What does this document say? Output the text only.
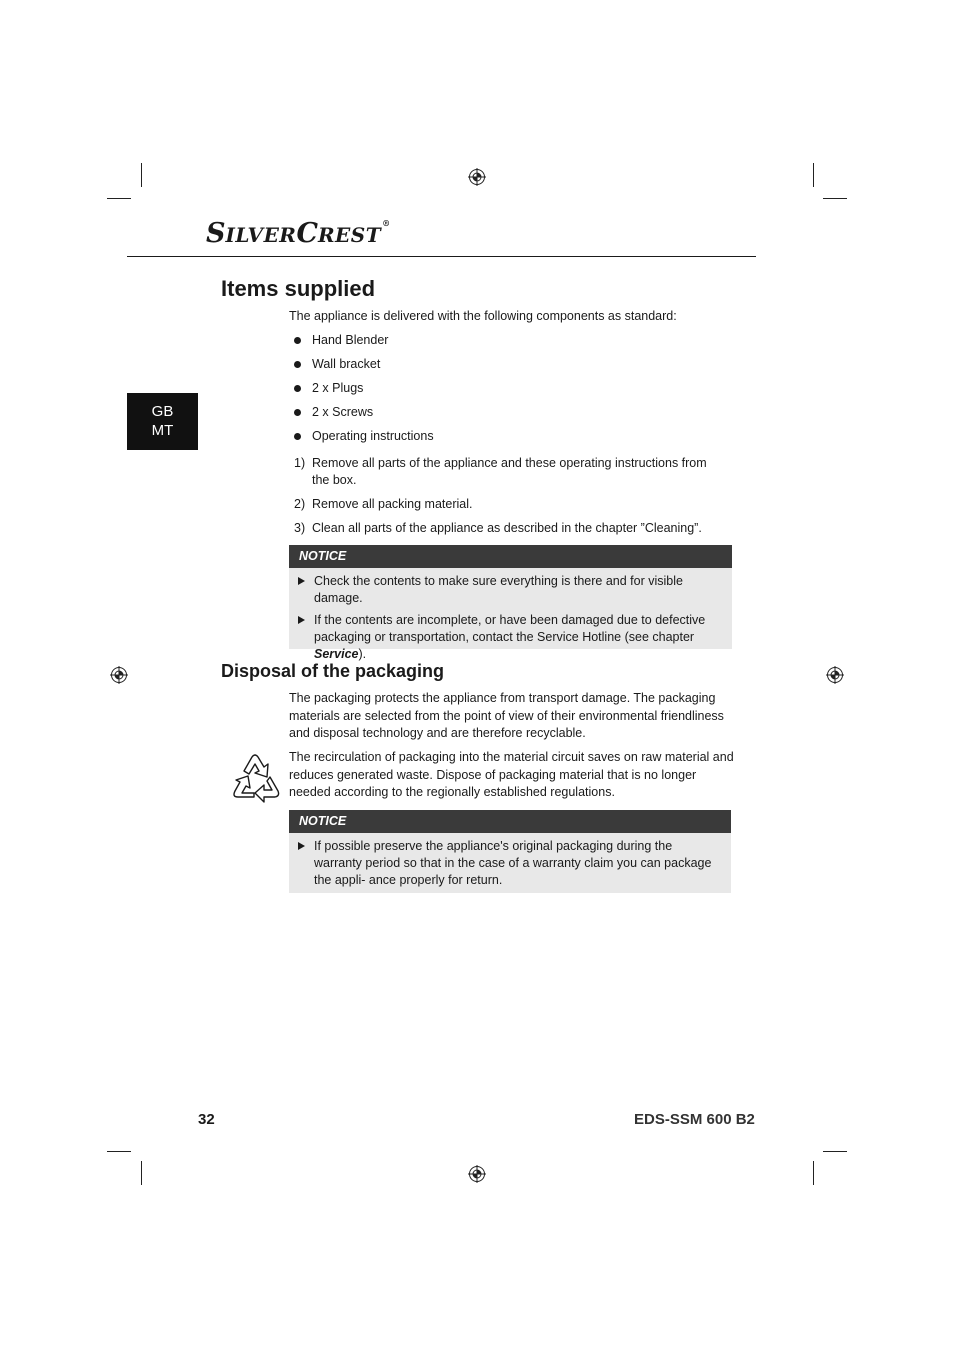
SILVERCREST®
GB
MT
Items supplied
The appliance is delivered with the following components as standard:
Hand Blender
Wall bracket
2 x Plugs
2 x Screws
Operating instructions
1) Remove all parts of the appliance and these operating instructions from the box.
2) Remove all packing material.
3) Clean all parts of the appliance as described in the chapter ”Cleaning”.
NOTICE
Check the contents to make sure everything is there and for visible damage.
If the contents are incomplete, or have been damaged due to defective packaging or transportation, contact the Service Hotline (see chapter Service).
Disposal of the packaging
The packaging protects the appliance from transport damage. The packaging materials are selected from the point of view of their environmental friendliness and disposal technology and are therefore recyclable.
The recirculation of packaging into the material circuit saves on raw material and reduces generated waste. Dispose of packaging material that is no longer needed according to the regionally established regulations.
NOTICE
If possible preserve the appliance's original packaging during the warranty period so that in the case of a warranty claim you can package the appli- ance properly for return.
32	EDS-SSM 600 B2
